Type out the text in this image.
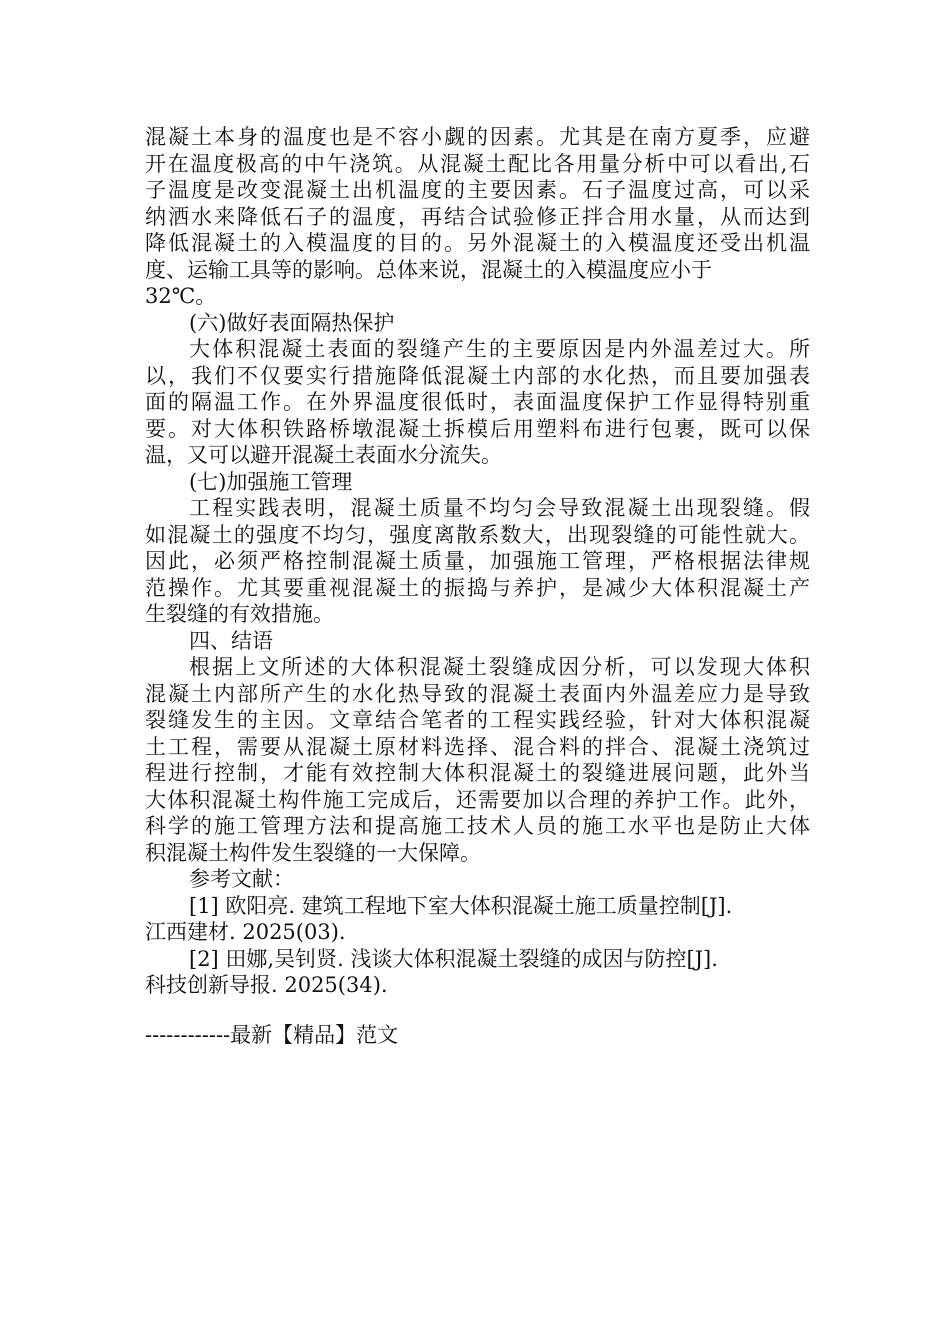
混凝土本身的温度也是不容小觑的因素。尤其是在南方夏季，应避
开在温度极高的中午浇筑。从混凝土配比各用量分析中可以看出,石
子温度是改变混凝土出机温度的主要因素。石子温度过高，可以采
纳洒水来降低石子的温度，再结合试验修正拌合用水量，从而达到
降低混凝土的入模温度的目的。另外混凝土的入模温度还受出机温
度、运输工具等的影响。总体来说，混凝土的入模温度应小于
32℃。
(六)做好表面隔热保护
大体积混凝土表面的裂缝产生的主要原因是内外温差过大。所
以，我们不仅要实行措施降低混凝土内部的水化热，而且要加强表
面的隔温工作。在外界温度很低时，表面温度保护工作显得特别重
要。对大体积铁路桥墩混凝土拆模后用塑料布进行包裹，既可以保
温，又可以避开混凝土表面水分流失。
(七)加强施工管理
工程实践表明，混凝土质量不均匀会导致混凝土出现裂缝。假
如混凝土的强度不均匀，强度离散系数大，出现裂缝的可能性就大。
因此，必须严格控制混凝土质量，加强施工管理，严格根据法律规
范操作。尤其要重视混凝土的振捣与养护，是减少大体积混凝土产
生裂缝的有效措施。
四、结语
根据上文所述的大体积混凝土裂缝成因分析，可以发现大体积
混凝土内部所产生的水化热导致的混凝土表面内外温差应力是导致
裂缝发生的主因。文章结合笔者的工程实践经验，针对大体积混凝
土工程，需要从混凝土原材料选择、混合料的拌合、混凝土浇筑过
程进行控制，才能有效控制大体积混凝土的裂缝进展问题，此外当
大体积混凝土构件施工完成后，还需要加以合理的养护工作。此外，
科学的施工管理方法和提高施工技术人员的施工水平也是防止大体
积混凝土构件发生裂缝的一大保障。
参考文献：
[1] 欧阳亮. 建筑工程地下室大体积混凝土施工质量控制[J].
江西建材. 2025(03).
[2] 田娜,吴钊贤. 浅谈大体积混凝土裂缝的成因与防控[J].
科技创新导报. 2025(34).
------------最新【精品】范文
